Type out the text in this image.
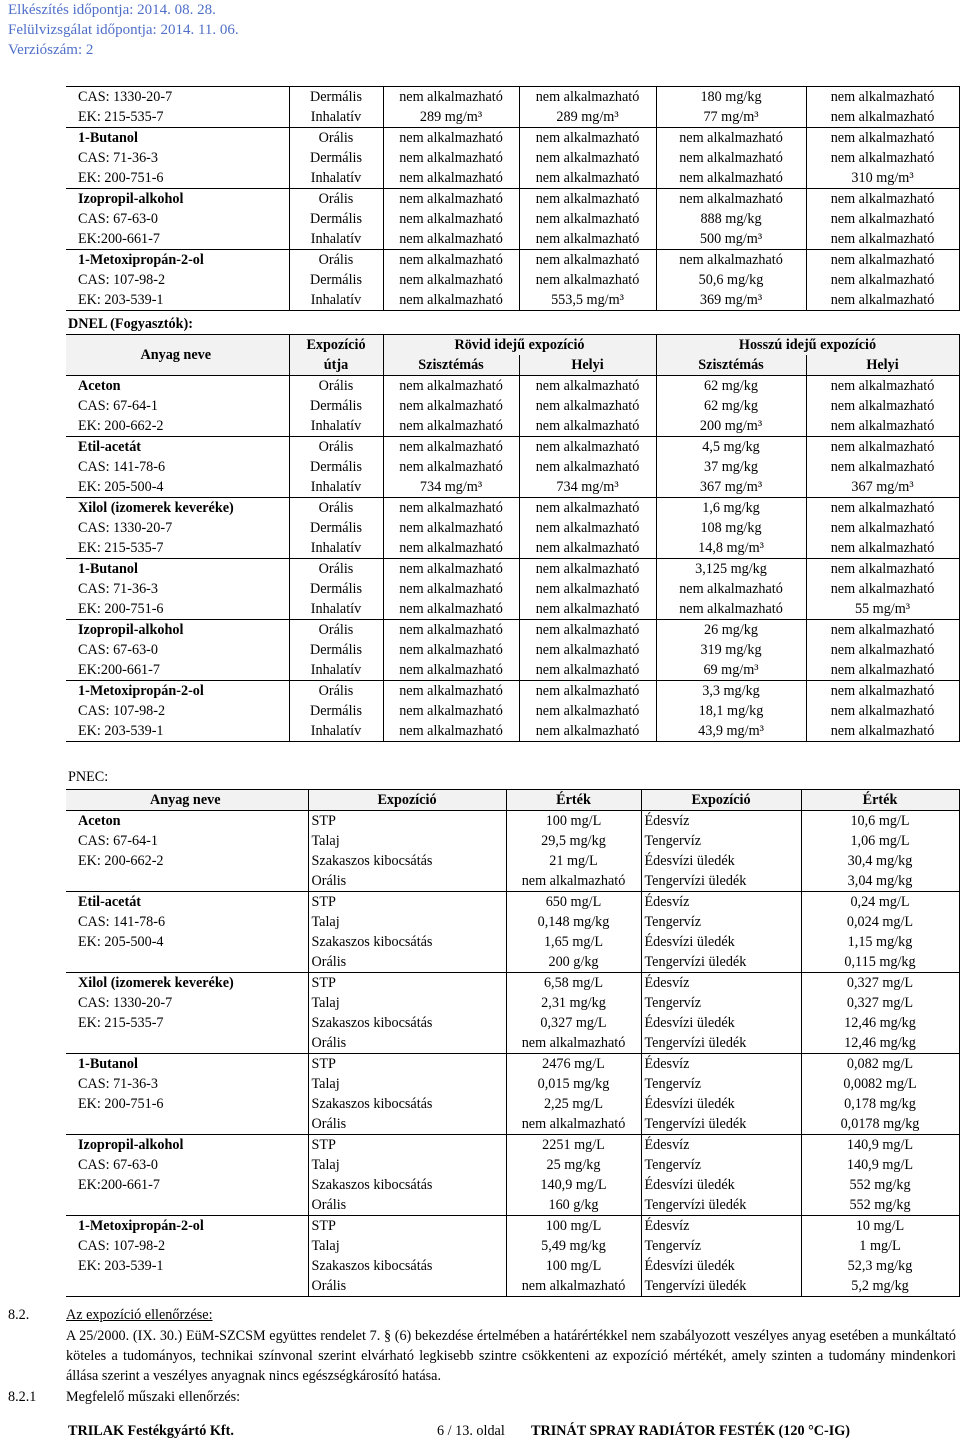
Elkészítés időpontja: 2014. 08. 28.
Felülvizsgálat időpontja: 2014. 11. 06.
Verziószám: 2
CAS: 1330-20-7	Dermális	nem alkalmazható	nem alkalmazható	180 mg/kg	nem alkalmazható
EK: 215-535-7	Inhalatív	289 mg/m³	289 mg/m³	77 mg/m³	nem alkalmazható
1-Butanol	Orális	nem alkalmazható	nem alkalmazható	nem alkalmazható	nem alkalmazható
CAS: 71-36-3	Dermális	nem alkalmazható	nem alkalmazható	nem alkalmazható	nem alkalmazható
EK: 200-751-6	Inhalatív	nem alkalmazható	nem alkalmazható	nem alkalmazható	310 mg/m³
Izopropil-alkohol	Orális	nem alkalmazható	nem alkalmazható	nem alkalmazható	nem alkalmazható
CAS: 67-63-0	Dermális	nem alkalmazható	nem alkalmazható	888 mg/kg	nem alkalmazható
EK:200-661-7	Inhalatív	nem alkalmazható	nem alkalmazható	500 mg/m³	nem alkalmazható
1-Metoxipropán-2-ol	Orális	nem alkalmazható	nem alkalmazható	nem alkalmazható	nem alkalmazható
CAS: 107-98-2	Dermális	nem alkalmazható	nem alkalmazható	50,6 mg/kg	nem alkalmazható
EK: 203-539-1	Inhalatív	nem alkalmazható	553,5 mg/m³	369 mg/m³	nem alkalmazható
DNEL (Fogyasztók):
Anyag neve	Expozíció	Rövid idejű expozíció		Hosszú idejű expozíció	
	útja	Szisztémás	Helyi	Szisztémás	Helyi
Aceton	Orális	nem alkalmazható	nem alkalmazható	62 mg/kg	nem alkalmazható
CAS: 67-64-1	Dermális	nem alkalmazható	nem alkalmazható	62 mg/kg	nem alkalmazható
EK: 200-662-2	Inhalatív	nem alkalmazható	nem alkalmazható	200 mg/m³	nem alkalmazható
Etil-acetát	Orális	nem alkalmazható	nem alkalmazható	4,5 mg/kg	nem alkalmazható
CAS: 141-78-6	Dermális	nem alkalmazható	nem alkalmazható	37 mg/kg	nem alkalmazható
EK: 205-500-4	Inhalatív	734 mg/m³	734 mg/m³	367 mg/m³	367 mg/m³
Xilol (izomerek keveréke)	Orális	nem alkalmazható	nem alkalmazható	1,6 mg/kg	nem alkalmazható
CAS: 1330-20-7	Dermális	nem alkalmazható	nem alkalmazható	108 mg/kg	nem alkalmazható
EK: 215-535-7	Inhalatív	nem alkalmazható	nem alkalmazható	14,8 mg/m³	nem alkalmazható
1-Butanol	Orális	nem alkalmazható	nem alkalmazható	3,125 mg/kg	nem alkalmazható
CAS: 71-36-3	Dermális	nem alkalmazható	nem alkalmazható	nem alkalmazható	nem alkalmazható
EK: 200-751-6	Inhalatív	nem alkalmazható	nem alkalmazható	nem alkalmazható	55 mg/m³
Izopropil-alkohol	Orális	nem alkalmazható	nem alkalmazható	26 mg/kg	nem alkalmazható
CAS: 67-63-0	Dermális	nem alkalmazható	nem alkalmazható	319 mg/kg	nem alkalmazható
EK:200-661-7	Inhalatív	nem alkalmazható	nem alkalmazható	69 mg/m³	nem alkalmazható
1-Metoxipropán-2-ol	Orális	nem alkalmazható	nem alkalmazható	3,3 mg/kg	nem alkalmazható
CAS: 107-98-2	Dermális	nem alkalmazható	nem alkalmazható	18,1 mg/kg	nem alkalmazható
EK: 203-539-1	Inhalatív	nem alkalmazható	nem alkalmazható	43,9 mg/m³	nem alkalmazható
PNEC:
Anyag neve	Expozíció	Érték	Expozíció	Érték
Aceton	STP	100 mg/L	Édesvíz	10,6 mg/L
CAS: 67-64-1	Talaj	29,5 mg/kg	Tengervíz	1,06 mg/L
EK: 200-662-2	Szakaszos kibocsátás	21 mg/L	Édesvízi üledék	30,4 mg/kg
	Orális	nem alkalmazható	Tengervízi üledék	3,04 mg/kg
Etil-acetát	STP	650 mg/L	Édesvíz	0,24 mg/L
CAS: 141-78-6	Talaj	0,148 mg/kg	Tengervíz	0,024 mg/L
EK: 205-500-4	Szakaszos kibocsátás	1,65 mg/L	Édesvízi üledék	1,15 mg/kg
	Orális	200 g/kg	Tengervízi üledék	0,115 mg/kg
Xilol (izomerek keveréke)	STP	6,58 mg/L	Édesvíz	0,327 mg/L
CAS: 1330-20-7	Talaj	2,31 mg/kg	Tengervíz	0,327 mg/L
EK: 215-535-7	Szakaszos kibocsátás	0,327 mg/L	Édesvízi üledék	12,46 mg/kg
	Orális	nem alkalmazható	Tengervízi üledék	12,46 mg/kg
1-Butanol	STP	2476 mg/L	Édesvíz	0,082 mg/L
CAS: 71-36-3	Talaj	0,015 mg/kg	Tengervíz	0,0082 mg/L
EK: 200-751-6	Szakaszos kibocsátás	2,25 mg/L	Édesvízi üledék	0,178 mg/kg
	Orális	nem alkalmazható	Tengervízi üledék	0,0178 mg/kg
Izopropil-alkohol	STP	2251 mg/L	Édesvíz	140,9 mg/L
CAS: 67-63-0	Talaj	25 mg/kg	Tengervíz	140,9 mg/L
EK:200-661-7	Szakaszos kibocsátás	140,9 mg/L	Édesvízi üledék	552 mg/kg
	Orális	160 g/kg	Tengervízi üledék	552 mg/kg
1-Metoxipropán-2-ol	STP	100 mg/L	Édesvíz	10 mg/L
CAS: 107-98-2	Talaj	5,49 mg/kg	Tengervíz	1 mg/L
EK: 203-539-1	Szakaszos kibocsátás	100 mg/L	Édesvízi üledék	52,3 mg/kg
	Orális	nem alkalmazható	Tengervízi üledék	5,2 mg/kg
8.2.	Az expozíció ellenőrzése:
A 25/2000. (IX. 30.) EüM-SZCSM együttes rendelet 7. § (6) bekezdése értelmében a határértékkel nem szabályozott veszélyes anyag esetében a munkáltató köteles a tudományos, technikai színvonal szerint elvárható legkisebb szintre csökkenteni az expozíció mértékét, amely szinten a tudomány mindenkori állása szerint a veszélyes anyagnak nincs egészségkárosító hatása.
8.2.1 Megfelelő műszaki ellenőrzés:
TRILAK Festékgyártó Kft.	6 / 13. oldal TRINÁT SPRAY RADIÁTOR FESTÉK (120 °C-IG)
